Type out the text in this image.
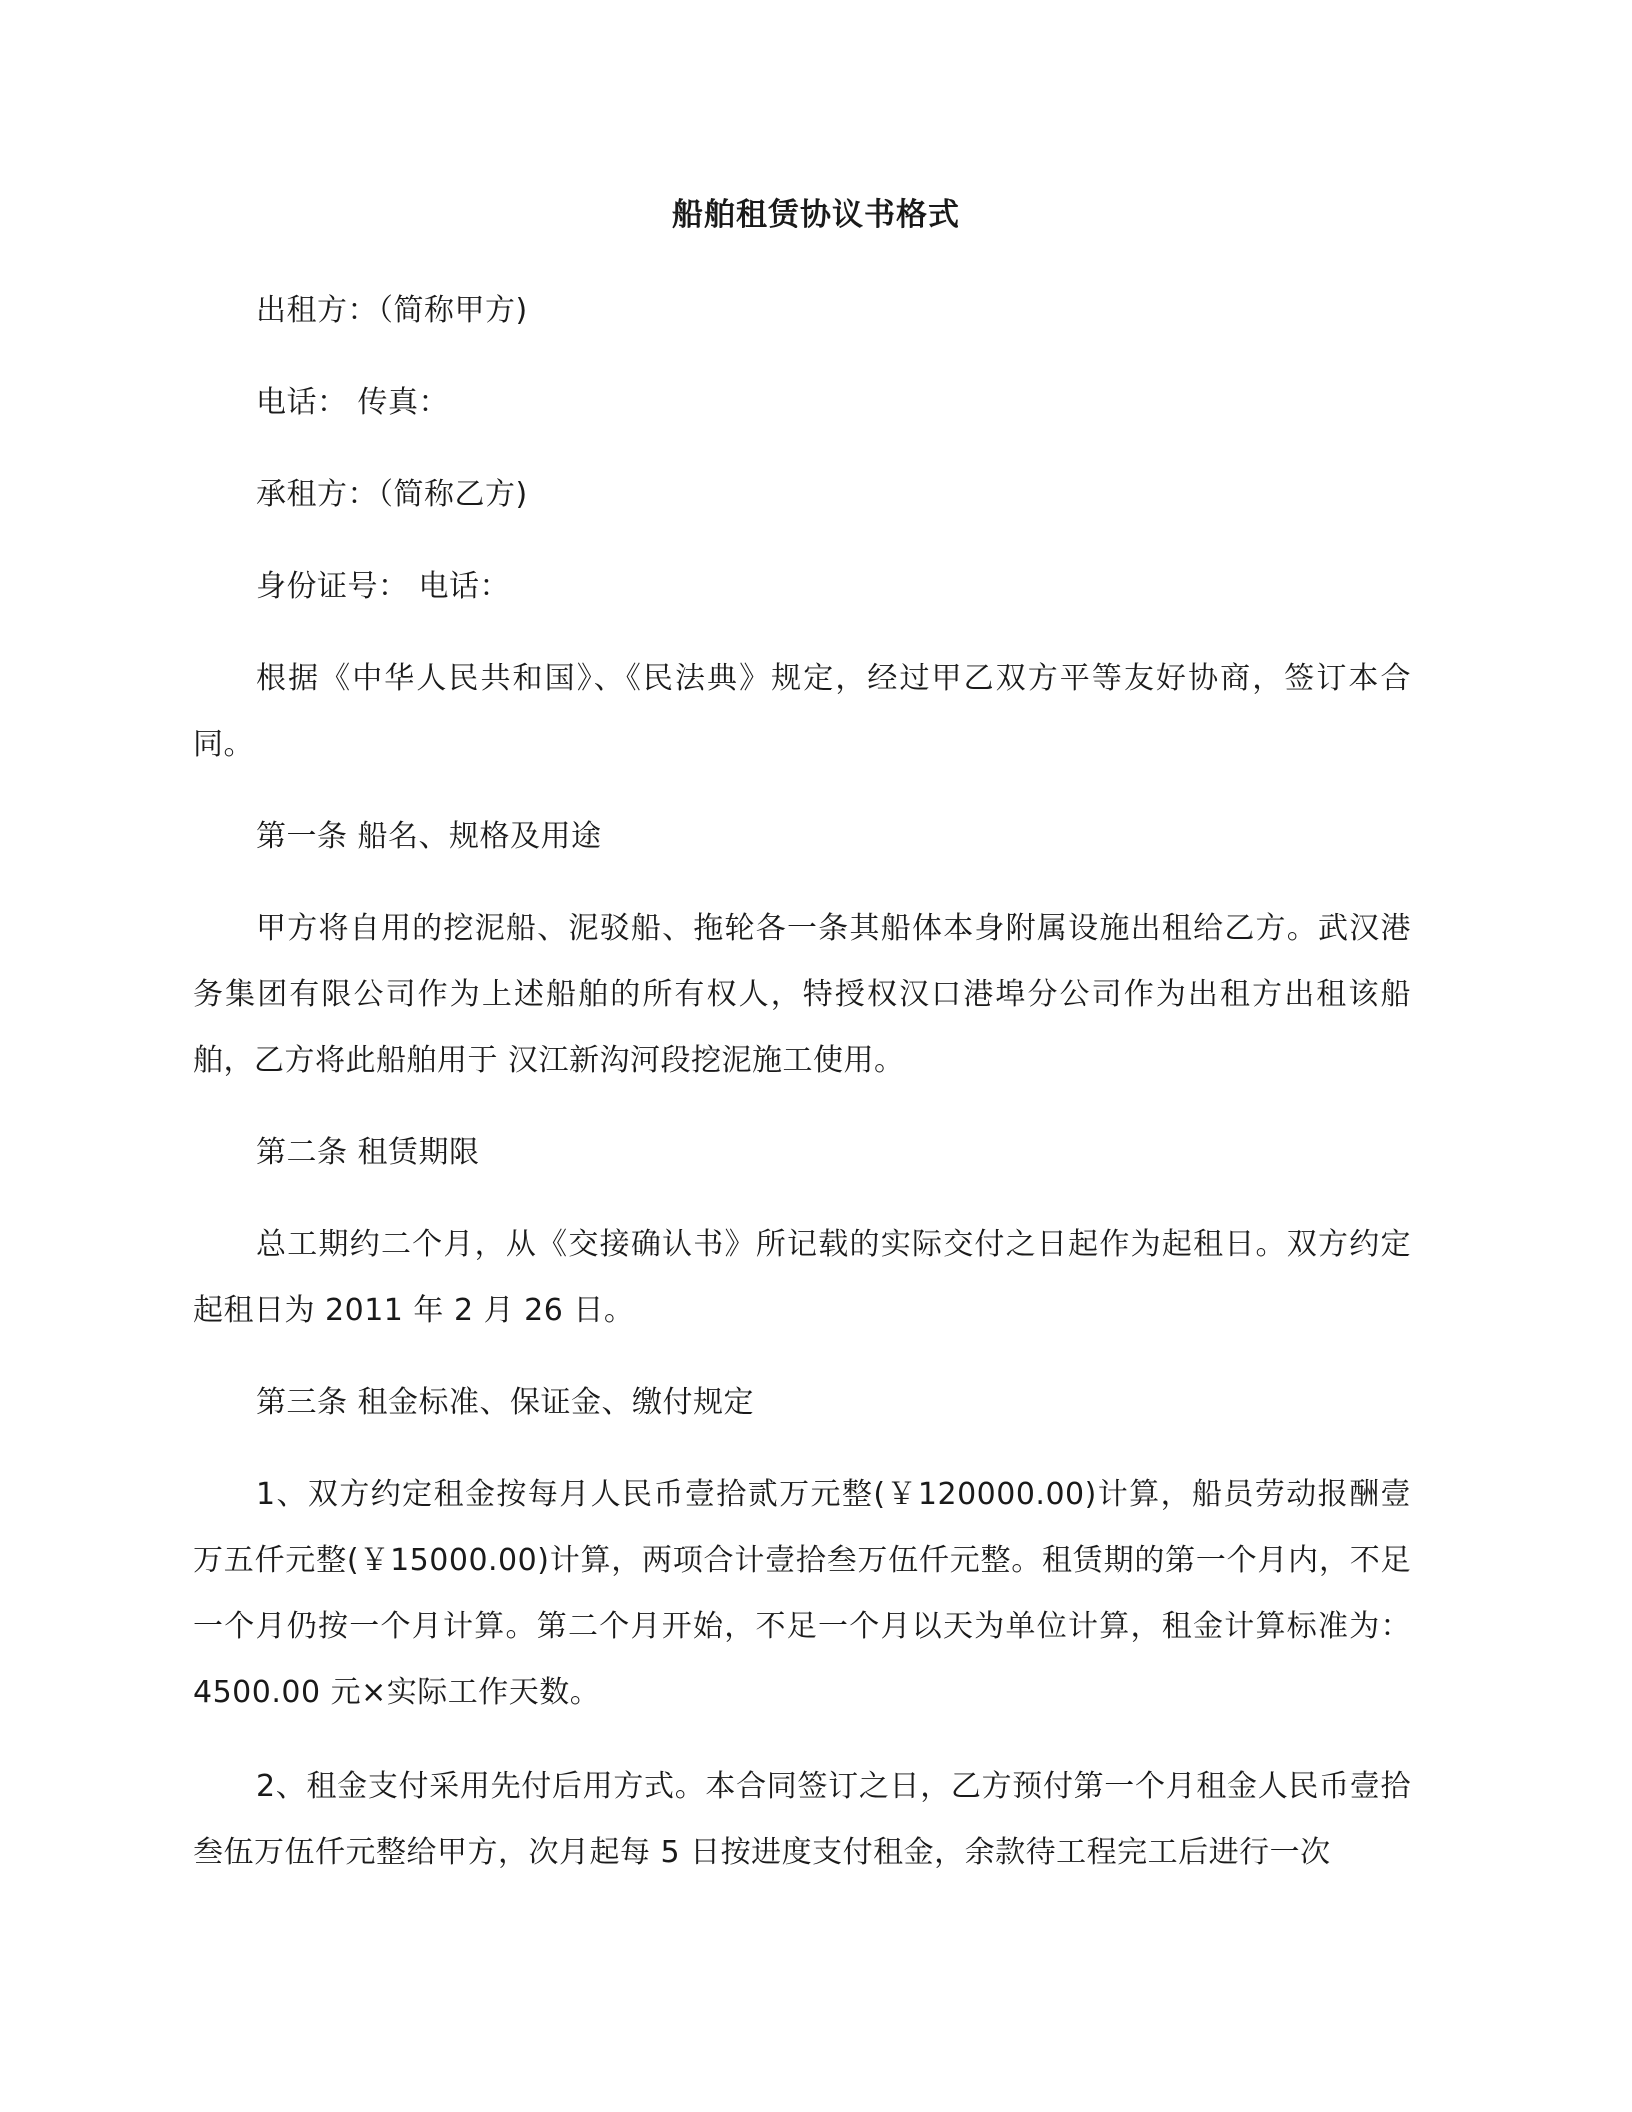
船舶租赁协议书格式

出租方：（简称甲方)

电话： 传真：

承租方：（简称乙方)

身份证号： 电话：

根据《中华人民共和国》、《民法典》规定，经过甲乙双方平等友好协商，签订本合同。

第一条 船名、规格及用途

甲方将自用的挖泥船、泥驳船、拖轮各一条其船体本身附属设施出租给乙方。武汉港务集团有限公司作为上述船舶的所有权人，特授权汉口港埠分公司作为出租方出租该船舶，乙方将此船舶用于 汉江新沟河段挖泥施工使用。

第二条 租赁期限

总工期约二个月，从《交接确认书》所记载的实际交付之日起作为起租日。双方约定起租日为 2011 年 2 月 26 日。

第三条 租金标准、保证金、缴付规定

1、双方约定租金按每月人民币壹拾贰万元整(￥120000.00)计算，船员劳动报酬壹万五仟元整(￥15000.00)计算，两项合计壹拾叁万伍仟元整。租赁期的第一个月内，不足一个月仍按一个月计算。第二个月开始，不足一个月以天为单位计算，租金计算标准为：4500.00 元×实际工作天数。

2、租金支付采用先付后用方式。本合同签订之日，乙方预付第一个月租金人民币壹拾叁伍万伍仟元整给甲方，次月起每 5 日按进度支付租金，余款待工程完工后进行一次
